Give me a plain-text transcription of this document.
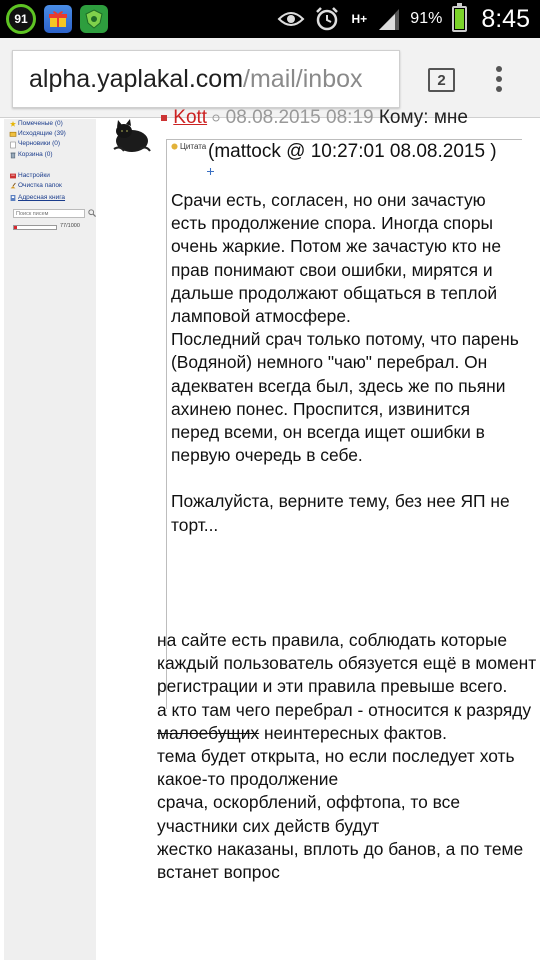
91	H+	91% 8:45
alpha.yaplakal.com/mail/inbox	2
Помеченые (0)
Исходящие (39)
Черновики (0)
Корзина (0)
Настройки
Очистка папок
Адресная книга
Поиск писем
77/1000
Kott 08.08.2015 08:19 Кому: мне
Цитата (mattock @ 10:27:01 08.08.2015 )

Срачи есть, согласен, но они зачастую есть продолжение спора. Иногда споры очень жаркие. Потом же зачастую кто не прав понимают свои ошибки, мирятся и дальше продолжают общаться в теплой ламповой атмосфере.

Последний срач только потому, что парень (Водяной) немного "чаю" перебрал. Он адекватен всегда был, здесь же по пьяни ахинею понес. Проспится, извинится перед всеми, он всегда ищет ошибки в первую очередь в себе.

Пожалуйста, верните тему, без нее ЯП не торт...

на сайте есть правила, соблюдать которые каждый пользователь обязуется ещё в момент регистрации и эти правила превыше всего.

а кто там чего перебрал - относится к разряду малоебущих неинтересных фактов.

тема будет открыта, но если последует хоть какое-то продолжение

срача, оскорблений, оффтопа, то все участники сих действ будут

жестко наказаны, вплоть до банов, а по теме встанет вопрос
